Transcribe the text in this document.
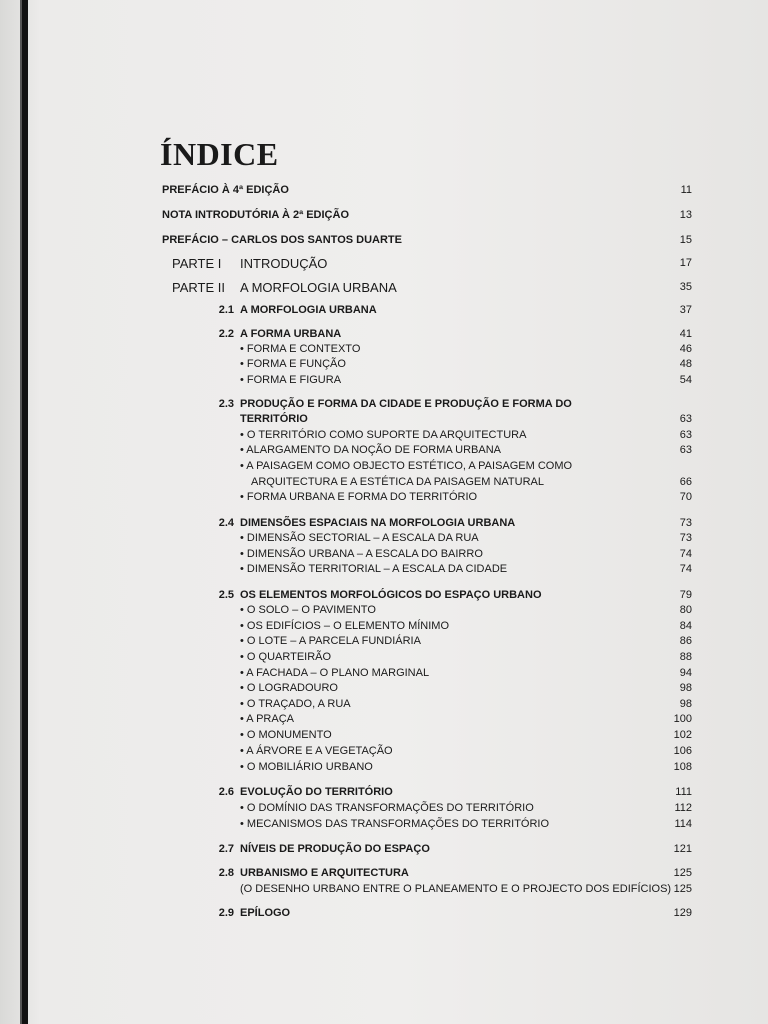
ÍNDICE
PREFÁCIO À 4ª EDIÇÃO	11
NOTA INTRODUTÓRIA À 2ª EDIÇÃO	13
PREFÁCIO – CARLOS DOS SANTOS DUARTE	15
PARTE I	INTRODUÇÃO	17
PARTE II	A MORFOLOGIA URBANA	35
2.1 A MORFOLOGIA URBANA	37
2.2 A FORMA URBANA	41
• FORMA E CONTEXTO	46
• FORMA E FUNÇÃO	48
• FORMA E FIGURA	54
2.3 PRODUÇÃO E FORMA DA CIDADE E PRODUÇÃO E FORMA DO
TERRITÓRIO	63
• O TERRITÓRIO COMO SUPORTE DA ARQUITECTURA	63
• ALARGAMENTO DA NOÇÃO DE FORMA URBANA	63
• A PAISAGEM COMO OBJECTO ESTÉTICO, A PAISAGEM COMO
ARQUITECTURA E A ESTÉTICA DA PAISAGEM NATURAL	66
• FORMA URBANA E FORMA DO TERRITÓRIO	70
2.4 DIMENSÕES ESPACIAIS NA MORFOLOGIA URBANA	73
• DIMENSÃO SECTORIAL – A ESCALA DA RUA	73
• DIMENSÃO URBANA – A ESCALA DO BAIRRO	74
• DIMENSÃO TERRITORIAL – A ESCALA DA CIDADE	74
2.5 OS ELEMENTOS MORFOLÓGICOS DO ESPAÇO URBANO	79
• O SOLO – O PAVIMENTO	80
• OS EDIFÍCIOS – O ELEMENTO MÍNIMO	84
• O LOTE – A PARCELA FUNDIÁRIA	86
• O QUARTEIRÃO	88
• A FACHADA – O PLANO MARGINAL	94
• O LOGRADOURO	98
• O TRAÇADO, A RUA	98
• A PRAÇA	100
• O MONUMENTO	102
• A ÁRVORE E A VEGETAÇÃO	106
• O MOBILIÁRIO URBANO	108
2.6 EVOLUÇÃO DO TERRITÓRIO	111
• O DOMÍNIO DAS TRANSFORMAÇÕES DO TERRITÓRIO	112
• MECANISMOS DAS TRANSFORMAÇÕES DO TERRITÓRIO	114
2.7 NÍVEIS DE PRODUÇÃO DO ESPAÇO	121
2.8 URBANISMO E ARQUITECTURA	125
(O DESENHO URBANO ENTRE O PLANEAMENTO E O PROJECTO DOS EDIFÍCIOS) 125
2.9 EPÍLOGO	129
